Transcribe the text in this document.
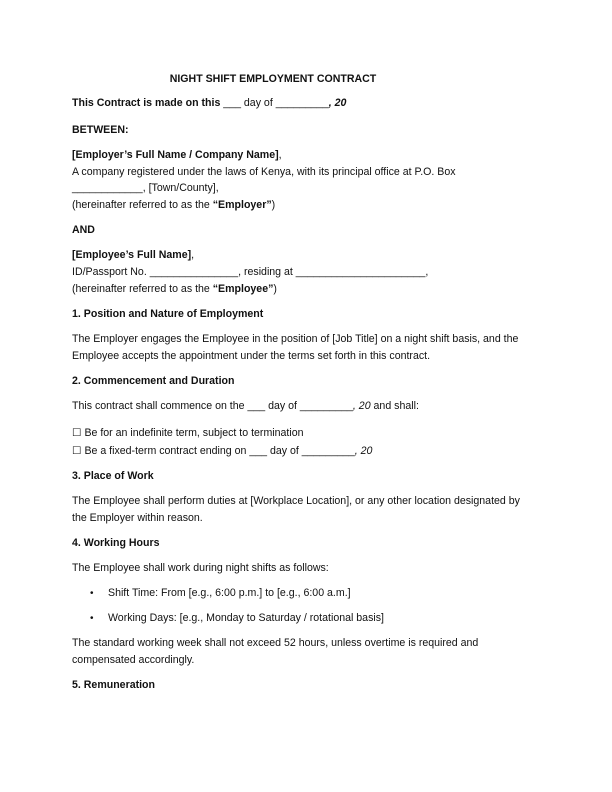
NIGHT SHIFT EMPLOYMENT CONTRACT
This Contract is made on this ___ day of _________, 20
BETWEEN:
[Employer’s Full Name / Company Name],
A company registered under the laws of Kenya, with its principal office at P.O. Box
____________, [Town/County],
(hereinafter referred to as the “Employer”)
AND
[Employee’s Full Name],
ID/Passport No. _______________, residing at ______________________,
(hereinafter referred to as the “Employee”)
1. Position and Nature of Employment
The Employer engages the Employee in the position of [Job Title] on a night shift basis, and the
Employee accepts the appointment under the terms set forth in this contract.
2. Commencement and Duration
This contract shall commence on the ___ day of _________, 20 and shall:
☐ Be for an indefinite term, subject to termination
☐ Be a fixed-term contract ending on ___ day of _________, 20
3. Place of Work
The Employee shall perform duties at [Workplace Location], or any other location designated by
the Employer within reason.
4. Working Hours
The Employee shall work during night shifts as follows:
• Shift Time: From [e.g., 6:00 p.m.] to [e.g., 6:00 a.m.]
• Working Days: [e.g., Monday to Saturday / rotational basis]
The standard working week shall not exceed 52 hours, unless overtime is required and
compensated accordingly.
5. Remuneration
